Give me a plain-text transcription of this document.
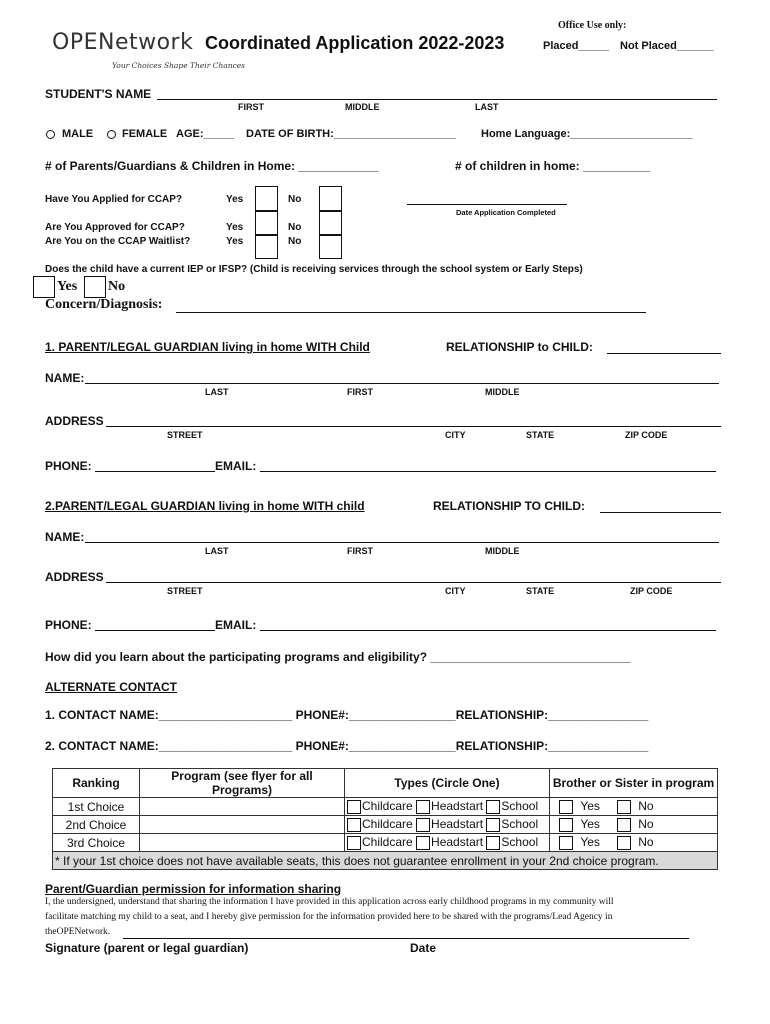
OPENetwork
Your Choices Shape Their Chances
Coordinated Application 2022-2023
Office Use only:
Placed_____ Not Placed______
STUDENT'S NAME
FIRST	MIDDLE	LAST
MALE	FEMALE AGE:_____ DATE OF BIRTH:____________________ Home Language:____________________
# of Parents/Guardians & Children in Home: ____________	# of children in home: __________
Have You Applied for CCAP?	Yes	No
Date Application Completed
Are You Approved for CCAP?	Yes	No
Are You on the CCAP Waitlist?	Yes	No
Does the child have a current IEP or IFSP? (Child is receiving services through the school system or Early Steps)
Yes No
Concern/Diagnosis:
1. PARENT/LEGAL GUARDIAN living in home WITH Child	RELATIONSHIP to CHILD:
NAME:
LAST	FIRST	MIDDLE
ADDRESS
STREET	CITY	STATE	ZIP CODE
PHONE:	EMAIL:
2.PARENT/LEGAL GUARDIAN living in home WITH child	RELATIONSHIP TO CHILD:
NAME:
LAST	FIRST	MIDDLE
ADDRESS
STREET	CITY	STATE	ZIP CODE
PHONE:	EMAIL:
How did you learn about the participating programs and eligibility? ______________________________
ALTERNATE CONTACT
1. CONTACT NAME:____________________ PHONE#:________________RELATIONSHIP:_______________
2. CONTACT NAME:____________________ PHONE#:________________RELATIONSHIP:_______________
Ranking	Program (see flyer for all Programs)	Types (Circle One)	Brother or Sister in program
1st Choice		Childcare Headstart School	Yes No
2nd Choice		Childcare Headstart School	Yes No
3rd Choice		Childcare Headstart School	Yes No
* If your 1st choice does not have available seats, this does not guarantee enrollment in your 2nd choice program.			
Parent/Guardian permission for information sharing
I, the undersigned, understand that sharing the information I have provided in this application across early childhood programs in my community will
facilitate matching my child to a seat, and I hereby give permission for the information provided here to be shared with the programs/Lead Agency in
theOPENetwork.
Signature (parent or legal guardian)	Date
